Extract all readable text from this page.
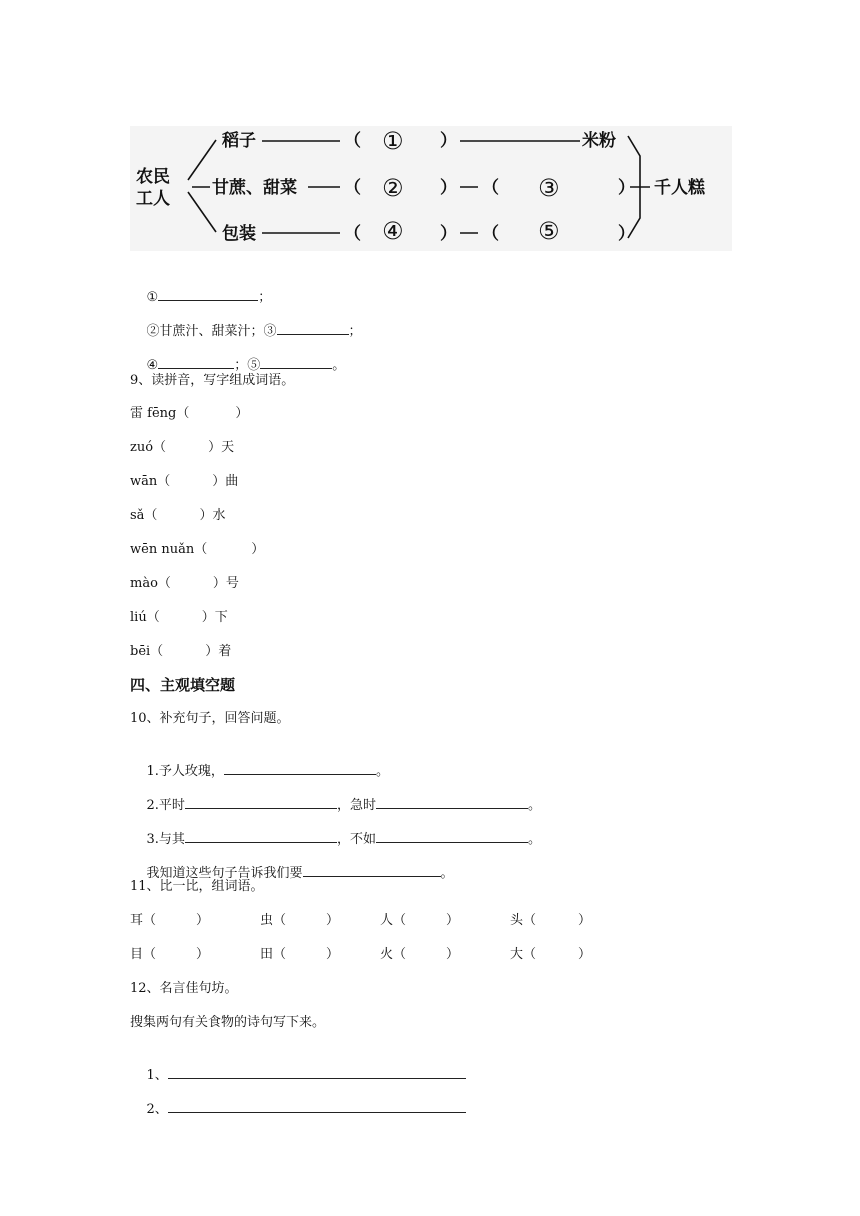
农民
工人
稻子	（ ① ）	米粉
甘蔗、甜菜	（ ② ） （ ③	） 千人糕
包装	（ ④ ） （ ⑤	）

①	；

②甘蔗汁、甜菜汁；③	；

④	；⑤	。

9、读拼音，写字组成词语。
雷 fēng（	）
zuó（	）天
wān（	）曲
sǎ（	）水
wēn nuǎn（	）
mào（	）号
liú（	）下
bēi（	）着
四、主观填空题
10、补充句子，回答问题。

1.予人玫瑰，	。

2.平时	，急时	。

3.与其	，不如	。

我知道这些句子告诉我们要	。

11、比一比，组词语。
耳（	）	虫（	）	人（	）	头（	）
目（	）	田（	）	火（	）	大（	）
12、名言佳句坊。
搜集两句有关食物的诗句写下来。

1、

2、
